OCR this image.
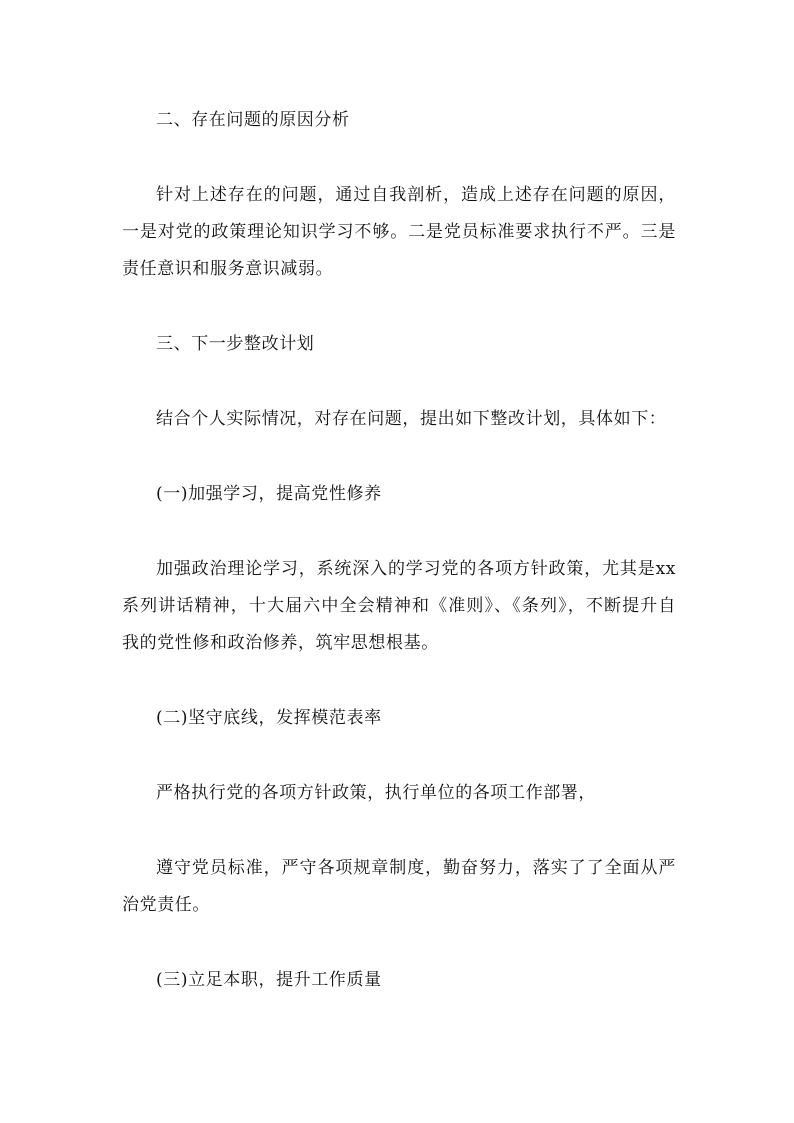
二、存在问题的原因分析

针对上述存在的问题，通过自我剖析，造成上述存在问题的原因，一是对党的政策理论知识学习不够。二是党员标准要求执行不严。三是责任意识和服务意识减弱。

三、下一步整改计划

结合个人实际情况，对存在问题，提出如下整改计划，具体如下：

(一)加强学习，提高党性修养

加强政治理论学习，系统深入的学习党的各项方针政策，尤其是xx系列讲话精神，十大届六中全会精神和《准则》、《条列》，不断提升自我的党性修和政治修养，筑牢思想根基。

(二)坚守底线，发挥模范表率

严格执行党的各项方针政策，执行单位的各项工作部署，

遵守党员标准，严守各项规章制度，勤奋努力，落实了了全面从严治党责任。

(三)立足本职，提升工作质量
